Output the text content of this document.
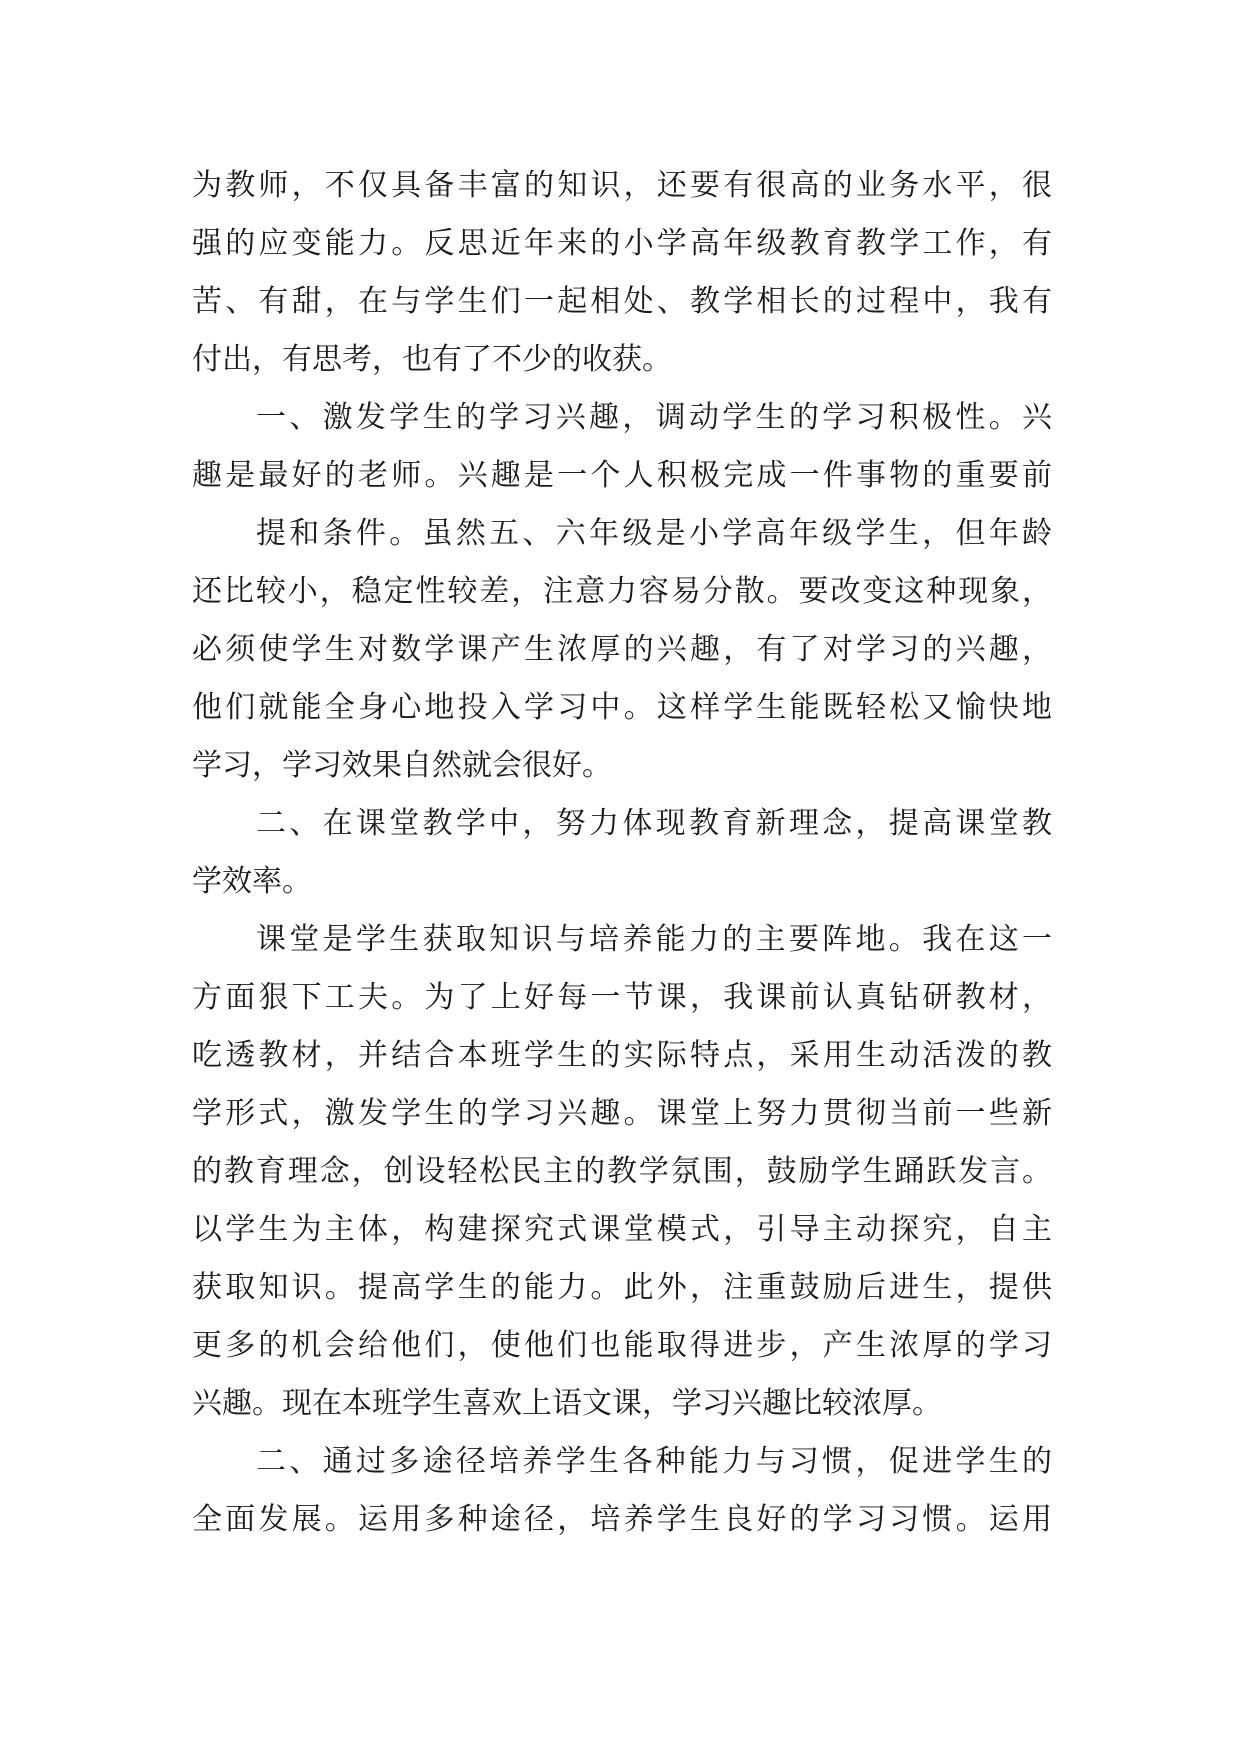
为教师，不仅具备丰富的知识，还要有很高的业务水平，很
强的应变能力。反思近年来的小学高年级教育教学工作，有
苦、有甜，在与学生们一起相处、教学相长的过程中，我有
付出，有思考，也有了不少的收获。
一、激发学生的学习兴趣，调动学生的学习积极性。兴
趣是最好的老师。兴趣是一个人积极完成一件事物的重要前
提和条件。虽然五、六年级是小学高年级学生，但年龄
还比较小，稳定性较差，注意力容易分散。要改变这种现象，
必须使学生对数学课产生浓厚的兴趣，有了对学习的兴趣，
他们就能全身心地投入学习中。这样学生能既轻松又愉快地
学习，学习效果自然就会很好。
二、在课堂教学中，努力体现教育新理念，提高课堂教
学效率。
课堂是学生获取知识与培养能力的主要阵地。我在这一
方面狠下工夫。为了上好每一节课，我课前认真钻研教材，
吃透教材，并结合本班学生的实际特点，采用生动活泼的教
学形式，激发学生的学习兴趣。课堂上努力贯彻当前一些新
的教育理念，创设轻松民主的教学氛围，鼓励学生踊跃发言。
以学生为主体，构建探究式课堂模式，引导主动探究，自主
获取知识。提高学生的能力。此外，注重鼓励后进生，提供
更多的机会给他们，使他们也能取得进步，产生浓厚的学习
兴趣。现在本班学生喜欢上语文课，学习兴趣比较浓厚。
二、通过多途径培养学生各种能力与习惯，促进学生的
全面发展。运用多种途径，培养学生良好的学习习惯。运用
